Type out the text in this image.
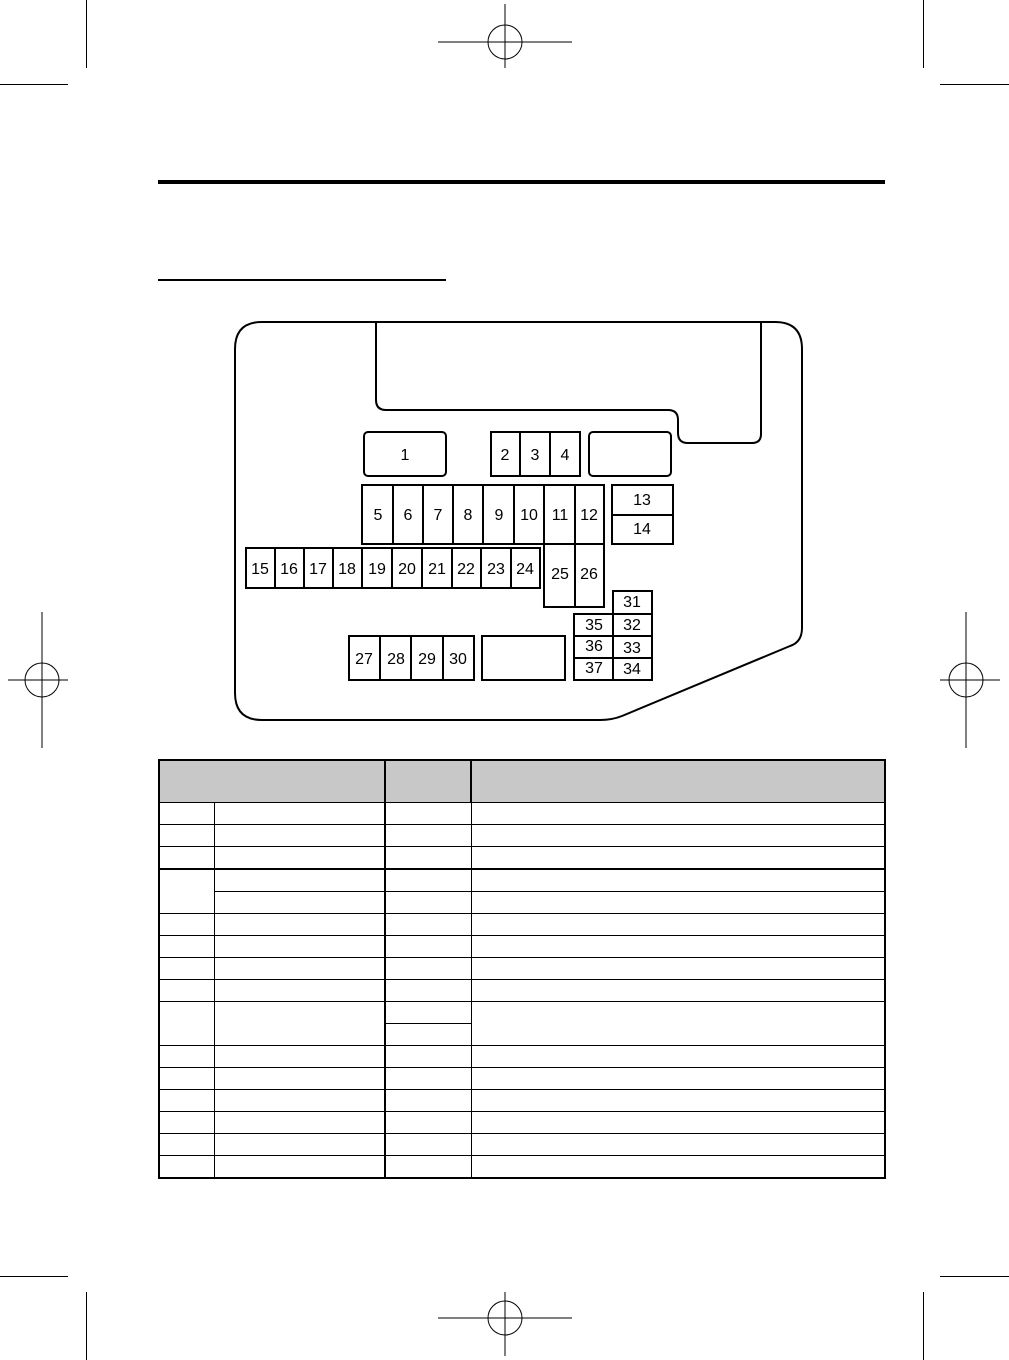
1	2 3 4
5 6 7 8 9 10 11 12
13
14
15 16 17 18 19 20 21 22 23 24 25 26
27 28 29 30
31
32
33
34
35
36
37
